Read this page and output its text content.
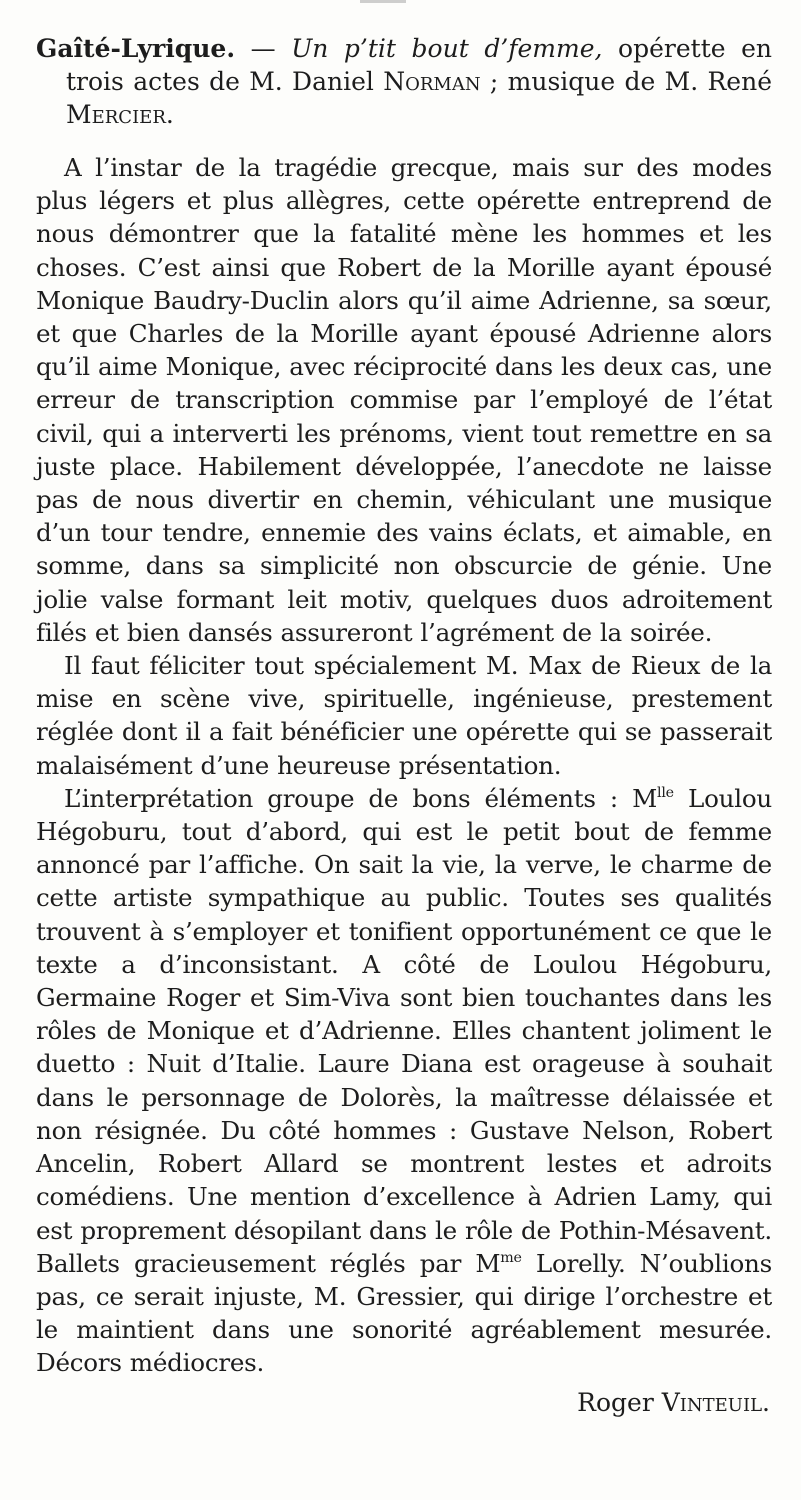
Gaîté-Lyrique. — Un p’tit bout d’femme, opérette en trois actes de M. Daniel Norman ; musique de M. René Mercier.

A l’instar de la tragédie grecque, mais sur des modes plus légers et plus allègres, cette opérette entreprend de nous démontrer que la fatalité mène les hommes et les choses. C’est ainsi que Robert de la Morille ayant épousé Monique Baudry-Duclin alors qu’il aime Adrienne, sa sœur, et que Charles de la Morille ayant épousé Adrienne alors qu’il aime Monique, avec réciprocité dans les deux cas, une erreur de transcription commise par l’employé de l’état civil, qui a interverti les prénoms, vient tout remettre en sa juste place. Habilement développée, l’anecdote ne laisse pas de nous divertir en chemin, véhiculant une musique d’un tour tendre, ennemie des vains éclats, et aimable, en somme, dans sa simplicité non obscurcie de génie. Une jolie valse formant leit motiv, quelques duos adroitement filés et bien dansés assureront l’agrément de la soirée.

Il faut féliciter tout spécialement M. Max de Rieux de la mise en scène vive, spirituelle, ingénieuse, prestement réglée dont il a fait bénéficier une opérette qui se passerait malaisément d’une heureuse présentation.

L’interprétation groupe de bons éléments : $M^{lle}$ Loulou Hégoburu, tout d’abord, qui est le petit bout de femme annoncé par l’affiche. On sait la vie, la verve, le charme de cette artiste sympathique au public. Toutes ses qualités trouvent à s’employer et tonifient opportunément ce que le texte a d’inconsistant. A côté de Loulou Hégoburu, Germaine Roger et Sim-Viva sont bien touchantes dans les rôles de Monique et d’Adrienne. Elles chantent joliment le duetto : Nuit d’Italie. Laure Diana est orageuse à souhait dans le personnage de Dolorès, la maîtresse délaissée et non résignée. Du côté hommes : Gustave Nelson, Robert Ancelin, Robert Allard se montrent lestes et adroits comédiens. Une mention d’excellence à Adrien Lamy, qui est proprement désopilant dans le rôle de Pothin-Mésavent. Ballets gracieusement réglés par $M^{me}$ Lorelly. N’oublions pas, ce serait injuste, M. Gressier, qui dirige l’orchestre et le maintient dans une sonorité agréablement mesurée. Décors médiocres.

Roger Vinteuil.
